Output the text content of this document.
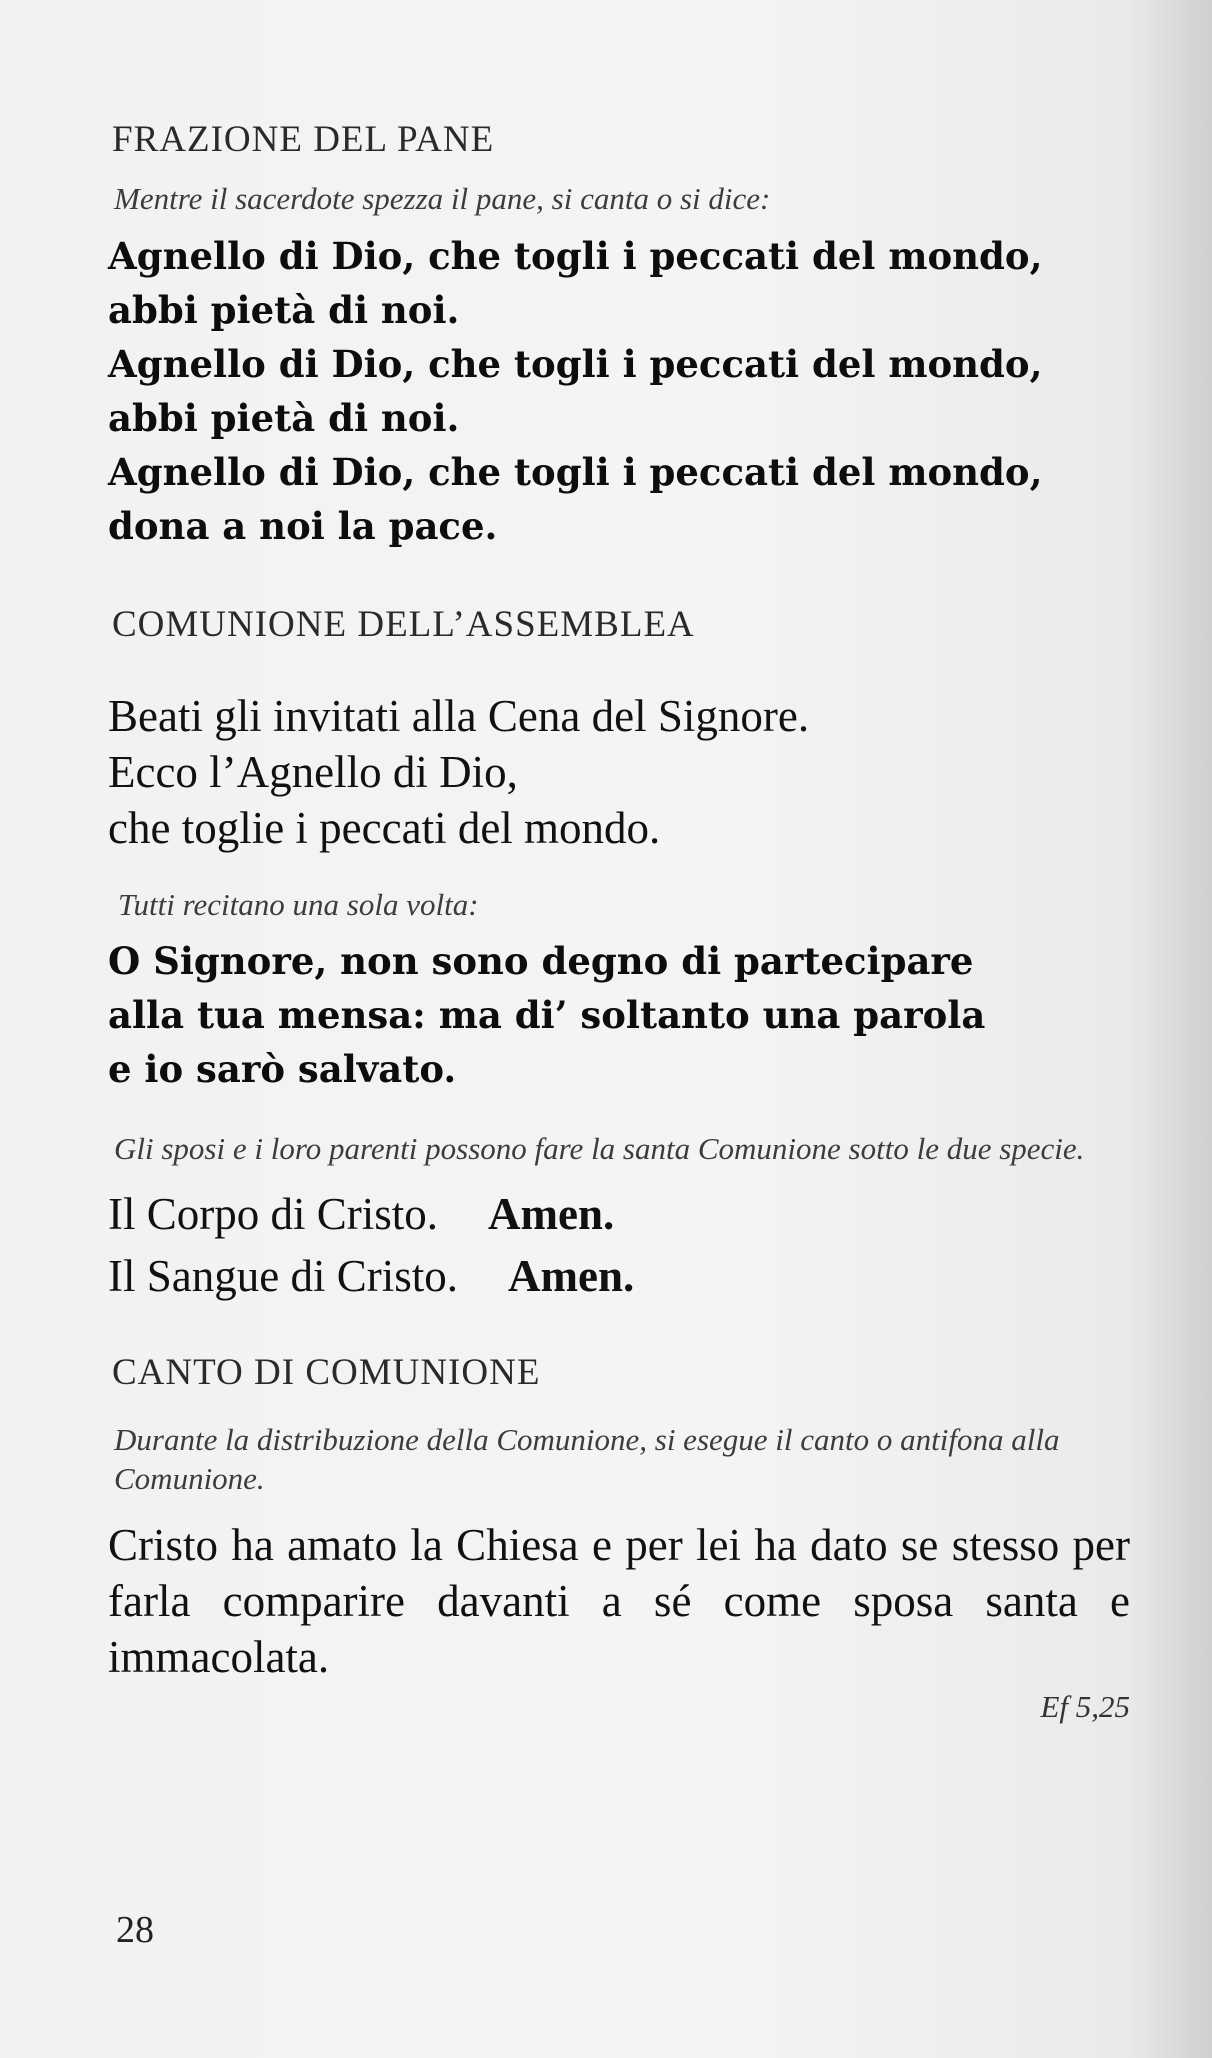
FRAZIONE DEL PANE
Mentre il sacerdote spezza il pane, si canta o si dice:
Agnello di Dio, che togli i peccati del mondo,
abbi pietà di noi.
Agnello di Dio, che togli i peccati del mondo,
abbi pietà di noi.
Agnello di Dio, che togli i peccati del mondo,
dona a noi la pace.
COMUNIONE DELL’ASSEMBLEA
Beati gli invitati alla Cena del Signore.
Ecco l’Agnello di Dio,
che toglie i peccati del mondo.
Tutti recitano una sola volta:
O Signore, non sono degno di partecipare
alla tua mensa: ma di’ soltanto una parola
e io sarò salvato.
Gli sposi e i loro parenti possono fare la santa Comunione sotto le due specie.
Il Corpo di Cristo. Amen.
Il Sangue di Cristo. Amen.
CANTO DI COMUNIONE
Durante la distribuzione della Comunione, si esegue il canto o antifona alla Comunione.

Cristo ha amato la Chiesa e per lei ha dato se stesso per farla comparire davanti a sé come sposa santa e immacolata.

Ef 5,25
28
